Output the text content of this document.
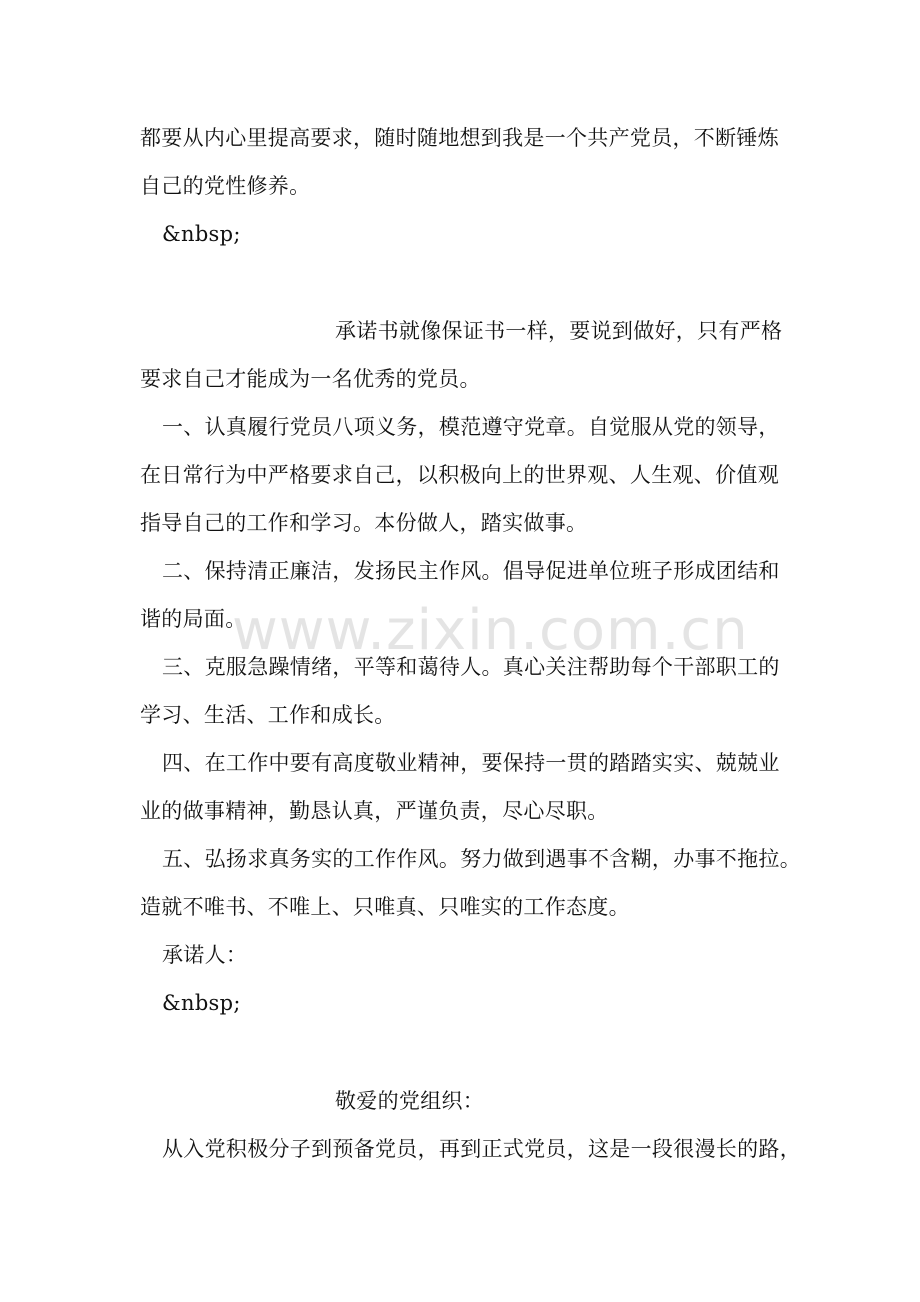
www.zixin.com.cn
都要从内心里提高要求，随时随地想到我是一个共产党员，不断锤炼
自己的党性修养。
&nbsp;
承诺书就像保证书一样，要说到做好，只有严格
要求自己才能成为一名优秀的党员。
一、认真履行党员八项义务，模范遵守党章。自觉服从党的领导，
在日常行为中严格要求自己，以积极向上的世界观、人生观、价值观
指导自己的工作和学习。本份做人，踏实做事。
二、保持清正廉洁，发扬民主作风。倡导促进单位班子形成团结和
谐的局面。
三、克服急躁情绪，平等和蔼待人。真心关注帮助每个干部职工的
学习、生活、工作和成长。
四、在工作中要有高度敬业精神，要保持一贯的踏踏实实、兢兢业
业的做事精神，勤恳认真，严谨负责，尽心尽职。
五、弘扬求真务实的工作作风。努力做到遇事不含糊，办事不拖拉。
造就不唯书、不唯上、只唯真、只唯实的工作态度。
承诺人：
&nbsp;
敬爱的党组织：
从入党积极分子到预备党员，再到正式党员，这是一段很漫长的路，
